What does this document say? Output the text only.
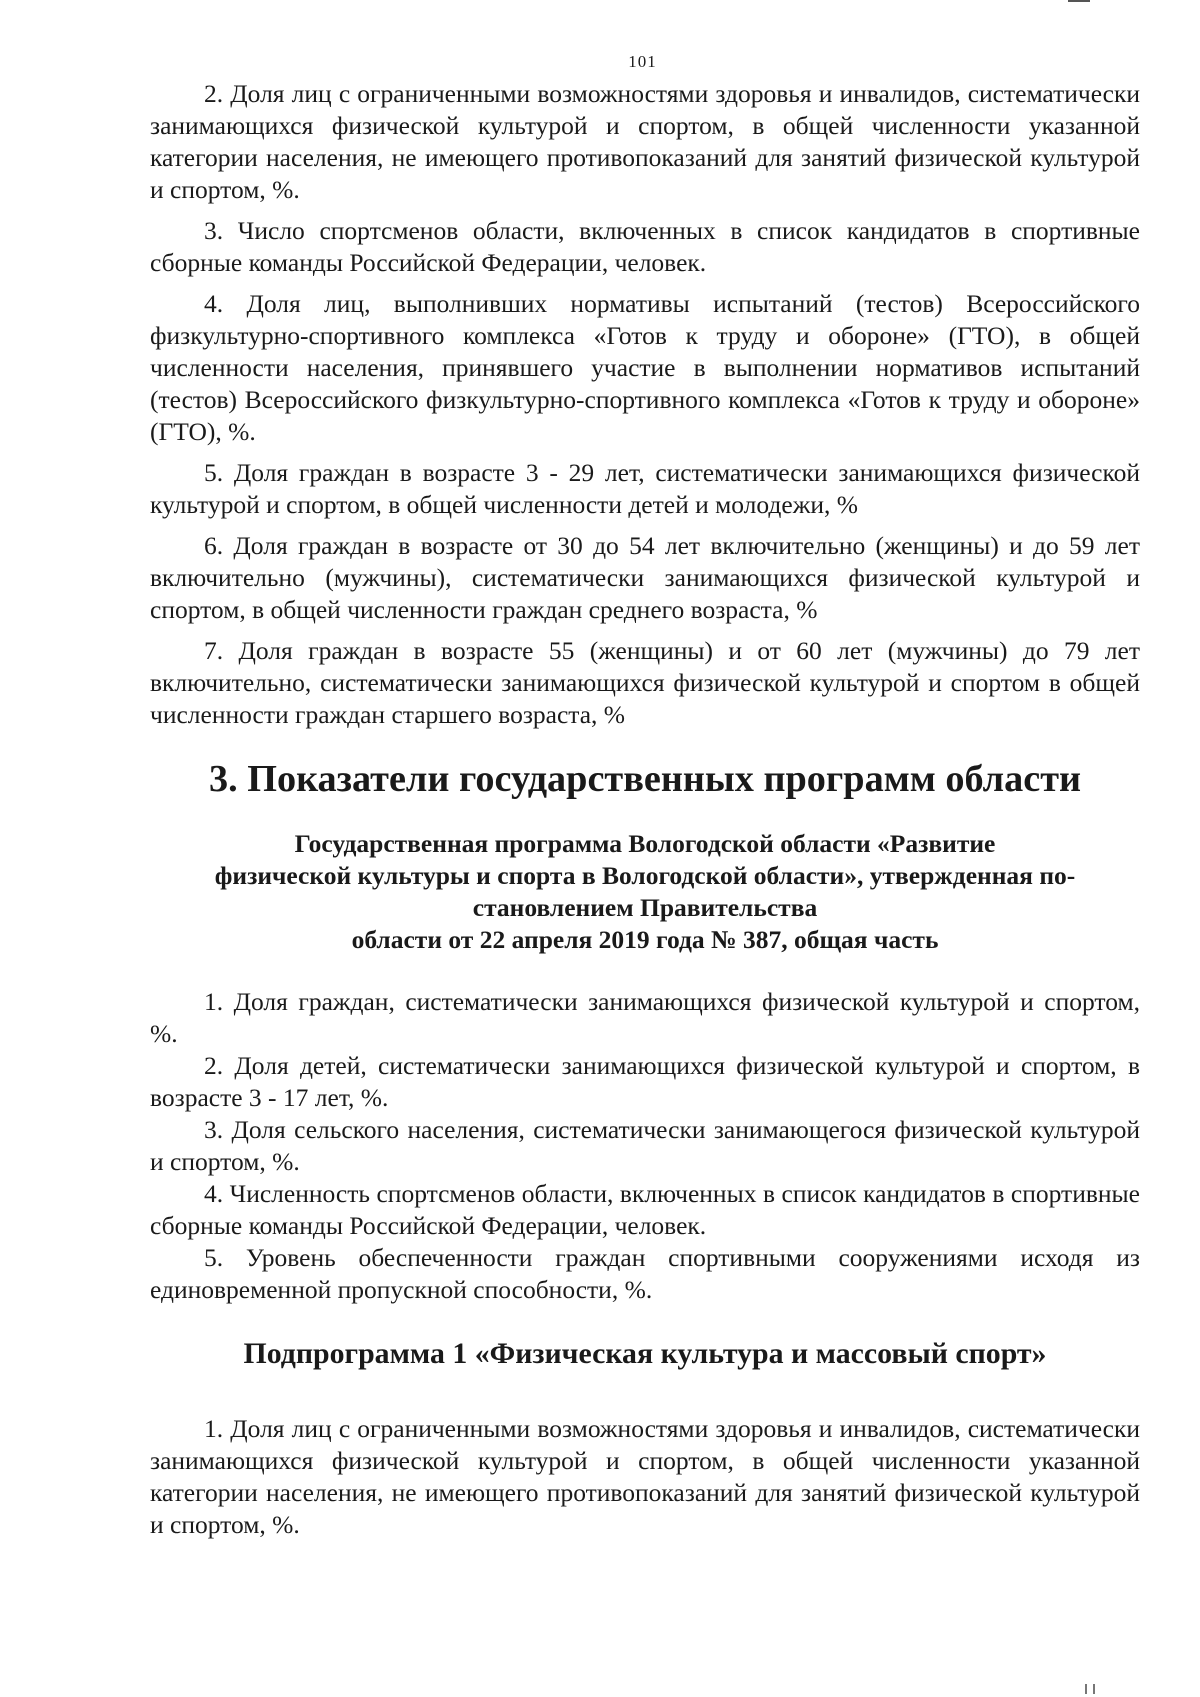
101

2. Доля лиц с ограниченными возможностями здоровья и инвалидов, систематически занимающихся физической культурой и спортом, в общей численности указанной категории населения, не имеющего противопоказаний для занятий физической культурой и спортом, %.

3. Число спортсменов области, включенных в список кандидатов в спортивные сборные команды Российской Федерации, человек.

4. Доля лиц, выполнивших нормативы испытаний (тестов) Всероссийского физкультурно-спортивного комплекса «Готов к труду и обороне» (ГТО), в общей численности населения, принявшего участие в выполнении нормативов испытаний (тестов) Всероссийского физкультурно-спортивного комплекса «Готов к труду и обороне» (ГТО), %.

5. Доля граждан в возрасте 3 - 29 лет, систематически занимающихся физической культурой и спортом, в общей численности детей и молодежи, %

6. Доля граждан в возрасте от 30 до 54 лет включительно (женщины) и до 59 лет включительно (мужчины), систематически занимающихся физической культурой и спортом, в общей численности граждан среднего возраста, %

7. Доля граждан в возрасте 55 (женщины) и от 60 лет (мужчины) до 79 лет включительно, систематически занимающихся физической культурой и спортом в общей численности граждан старшего возраста, %

3. Показатели государственных программ области
Государственная программа Вологодской области «Развитие
физической культуры и спорта в Вологодской области», утвержденная по-
становлением Правительства
области от 22 апреля 2019 года № 387, общая часть

1. Доля граждан, систематически занимающихся физической культурой и спортом, %.

2. Доля детей, систематически занимающихся физической культурой и спортом, в возрасте 3 - 17 лет, %.

3. Доля сельского населения, систематически занимающегося физической культурой и спортом, %.

4. Численность спортсменов области, включенных в список кандидатов в спортивные сборные команды Российской Федерации, человек.

5. Уровень обеспеченности граждан спортивными сооружениями исходя из единовременной пропускной способности, %.

Подпрограмма 1 «Физическая культура и массовый спорт»

1. Доля лиц с ограниченными возможностями здоровья и инвалидов, систематически занимающихся физической культурой и спортом, в общей численности указанной категории населения, не имеющего противопоказаний для занятий физической культурой и спортом, %.
